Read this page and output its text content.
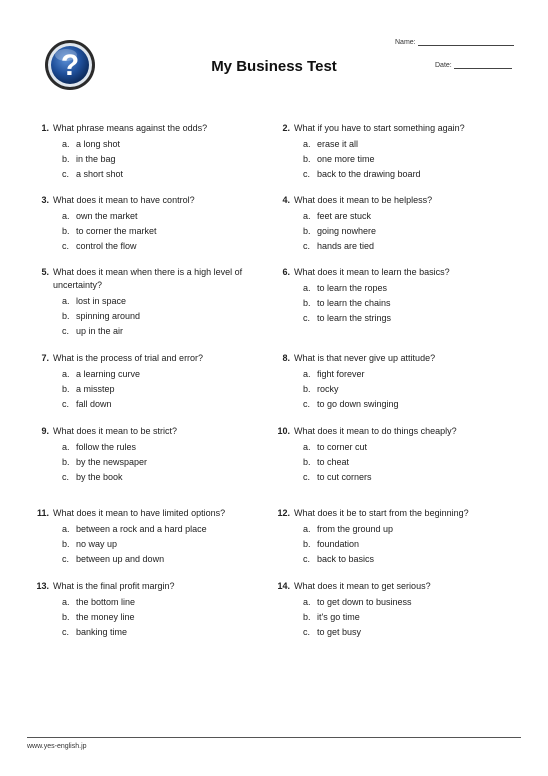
?	My Business Test
Name:
Date:
1. What phrase means against the odds?
a. a long shot
b. in the bag
c. a short shot
2. What if you have to start something again?
a. erase it all
b. one more time
c. back to the drawing board
3. What does it mean to have control?
a. own the market
b. to corner the market
c. control the flow
4. What does it mean to be helpless?
a. feet are stuck
b. going nowhere
c. hands are tied
5. What does it mean when there is a high level of uncertainty?
a. lost in space
b. spinning around
c. up in the air
6. What does it mean to learn the basics?
a. to learn the ropes
b. to learn the chains
c. to learn the strings
7. What is the process of trial and error?
a. a learning curve
b. a misstep
c. fall down
8. What is that never give up attitude?
a. fight forever
b. rocky
c. to go down swinging
9. What does it mean to be strict?
a. follow the rules
b. by the newspaper
c. by the book
10. What does it mean to do things cheaply?
a. to corner cut
b. to cheat
c. to cut corners
11. What does it mean to have limited options?
a. between a rock and a hard place
b. no way up
c. between up and down
12. What does it be to start from the beginning?
a. from the ground up
b. foundation
c. back to basics
13. What is the final profit margin?
a. the bottom line
b. the money line
c. banking time
14. What does it mean to get serious?
a. to get down to business
b. it's go time
c. to get busy
www.yes-english.jp
